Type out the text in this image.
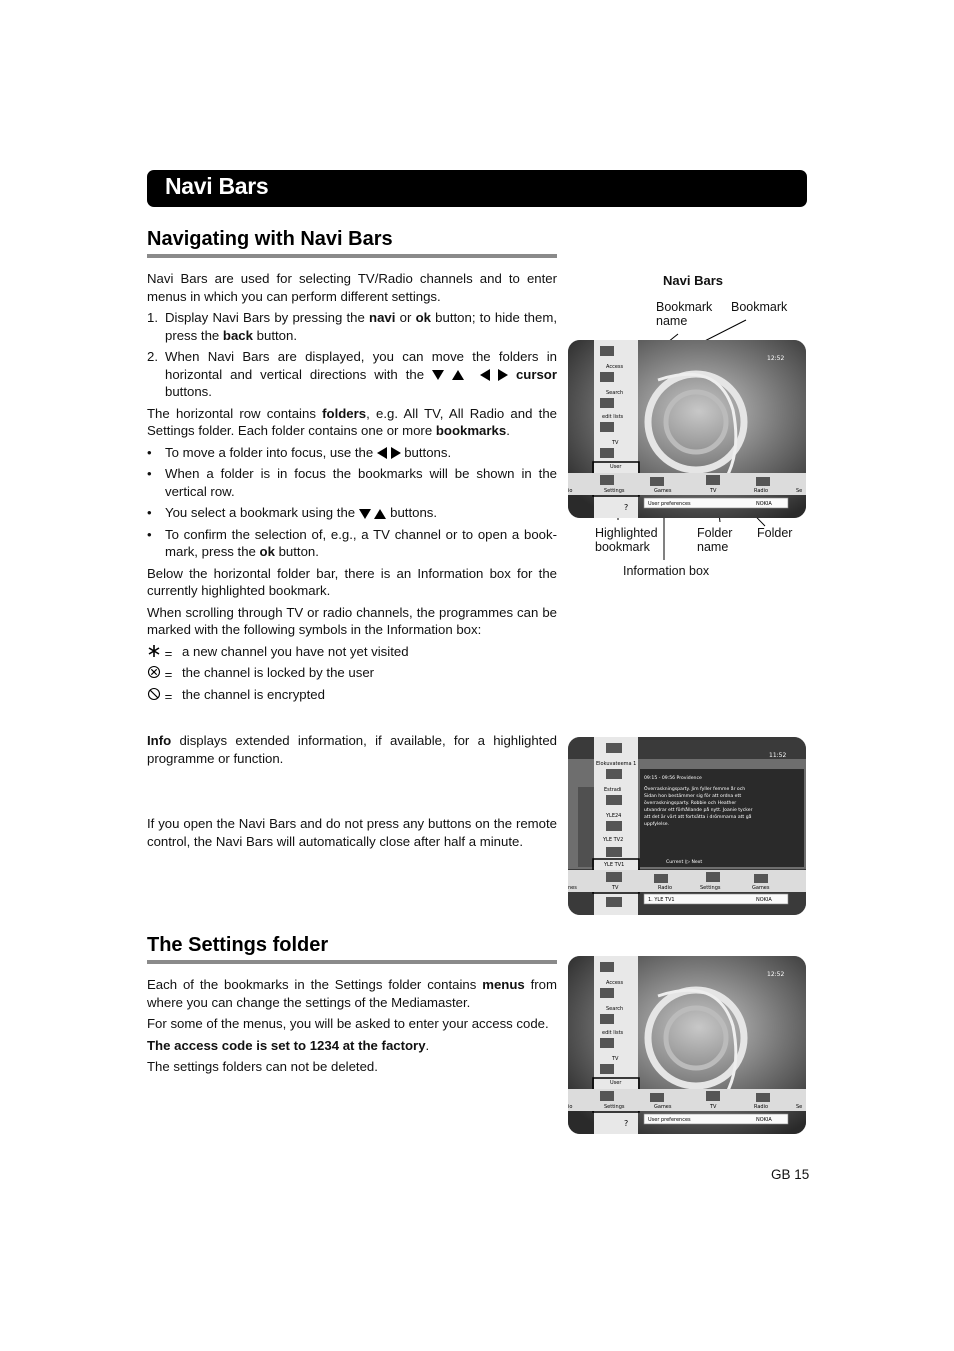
Navi Bars
Navigating with Navi Bars

Navi Bars are used for selecting TV/Radio channels and to enter menus in which you can perform different settings.

1. Display Navi Bars by pressing the navi or ok button; to hide them, press the back button.
2. When Navi Bars are displayed, you can move the folders in horizontal and vertical directions with the	cursor buttons.

The horizontal row contains folders, e.g. All TV, All Radio and the Settings folder. Each folder contains one or more bookmarks.

• To move a folder into focus, use the   buttons.
• When a folder is in focus the bookmarks will be shown in the vertical row.
• You select a bookmark using the   buttons.
• To confirm the selection of, e.g., a TV channel or to open a book-mark, press the ok button.

Below the horizontal folder bar, there is an Information box for the currently highlighted bookmark.

When scrolling through TV or radio channels, the programmes can be marked with the following symbols in the Information box:

= a new channel you have not yet visited
= the channel is locked by the user
= the channel is encrypted

Info displays extended information, if available, for a highlighted programme or function.

If you open the Navi Bars and do not press any buttons on the remote control, the Navi Bars will automatically close after half a minute.

Navi Bars
Bookmark
name
Bookmark
Highlighted
bookmark
Folder
name
Folder
Information box
12:52
Access
Search
edit lists
TV
User
Settings	Games	TV	Radio
io	Se
User preferences	NOKIA
?
11:52
Elokuvateema 1
Estradi
YLE24
YLE TV2
YLE TV1
TV	Radio	Settings	Games
nes
1. YLE TV1	NOKIA
09:15 - 09:56 Providence
Överraskningsparty. Jim fyller femme år och
Sidan hon bestämmer sig för att ordna ett
överraskningsparty. Robbie och Heather
utvandrar ett förhållande på nytt. Joanie tycker
att det är värt att fortsätta i drömmarna att gå
uppfylelse.
Current ⟨▷ Next
The Settings folder

Each of the bookmarks in the Settings folder contains menus from where you can change the settings of the Mediamaster.

For some of the menus, you will be asked to enter your access code.

The access code is set to 1234 at the factory.

The settings folders can not be deleted.

12:52
Access
Search
edit lists
TV
User
Settings	Games	TV	Radio
io	Se
User preferences	NOKIA
?
GB 15
